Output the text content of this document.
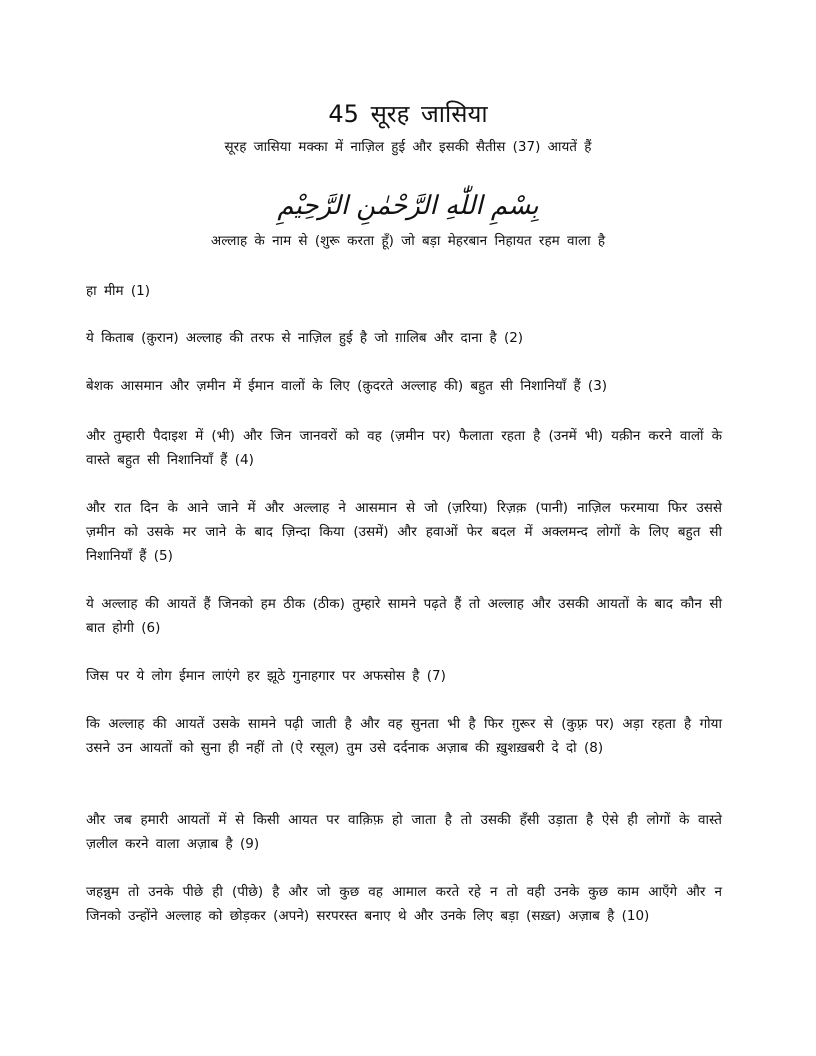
45 सूरह जासिया
सूरह जासिया मक्का में नाज़िल हुई और इसकी सैतीस (37) आयतें हैं
بِسْمِ اللّٰهِ الرَّحْمٰنِ الرَّحِيْمِ
अल्लाह के नाम से (शुरू करता हूँ) जो बड़ा मेहरबान निहायत रहम वाला है

हा मीम (1)

ये किताब (क़ुरान) अल्लाह की तरफ से नाज़िल हुई है जो ग़ालिब और दाना है (2)

बेशक आसमान और ज़मीन में ईमान वालों के लिए (क़ुदरते अल्लाह की) बहुत सी निशानियाँ हैं (3)

और तुम्हारी पैदाइश में (भी) और जिन जानवरों को वह (ज़मीन पर) फैलाता रहता है (उनमें भी) यक़ीन करने वालों के वास्ते बहुत सी निशानियाँ हैं (4)

और रात दिन के आने जाने में और अल्लाह ने आसमान से जो (ज़रिया) रिज़क़ (पानी) नाज़िल फरमाया फिर उससे ज़मीन को उसके मर जाने के बाद ज़िन्दा किया (उसमें) और हवाओं फेर बदल में अक्लमन्द लोगों के लिए बहुत सी निशानियाँ हैं (5)

ये अल्लाह की आयतें हैं जिनको हम ठीक (ठीक) तुम्हारे सामने पढ़ते हैं तो अल्लाह और उसकी आयतों के बाद कौन सी बात होगी (6)

जिस पर ये लोग ईमान लाएंगे हर झूठे गुनाहगार पर अफसोस है (7)

कि अल्लाह की आयतें उसके सामने पढ़ी जाती है और वह सुनता भी है फिर ग़ुरूर से (कुफ़्र पर) अड़ा रहता है गोया उसने उन आयतों को सुना ही नहीं तो (ऐ रसूल) तुम उसे दर्दनाक अज़ाब की ख़ुशख़बरी दे दो (8)

और जब हमारी आयतों में से किसी आयत पर वाक़िफ़ हो जाता है तो उसकी हँसी उड़ाता है ऐसे ही लोगों के वास्ते ज़लील करने वाला अज़ाब है (9)

जहन्नुम तो उनके पीछे ही (पीछे) है और जो कुछ वह आमाल करते रहे न तो वही उनके कुछ काम आएँगे और न जिनको उन्होंने अल्लाह को छोड़कर (अपने) सरपरस्त बनाए थे और उनके लिए बड़ा (सख़्त) अज़ाब है (10)
